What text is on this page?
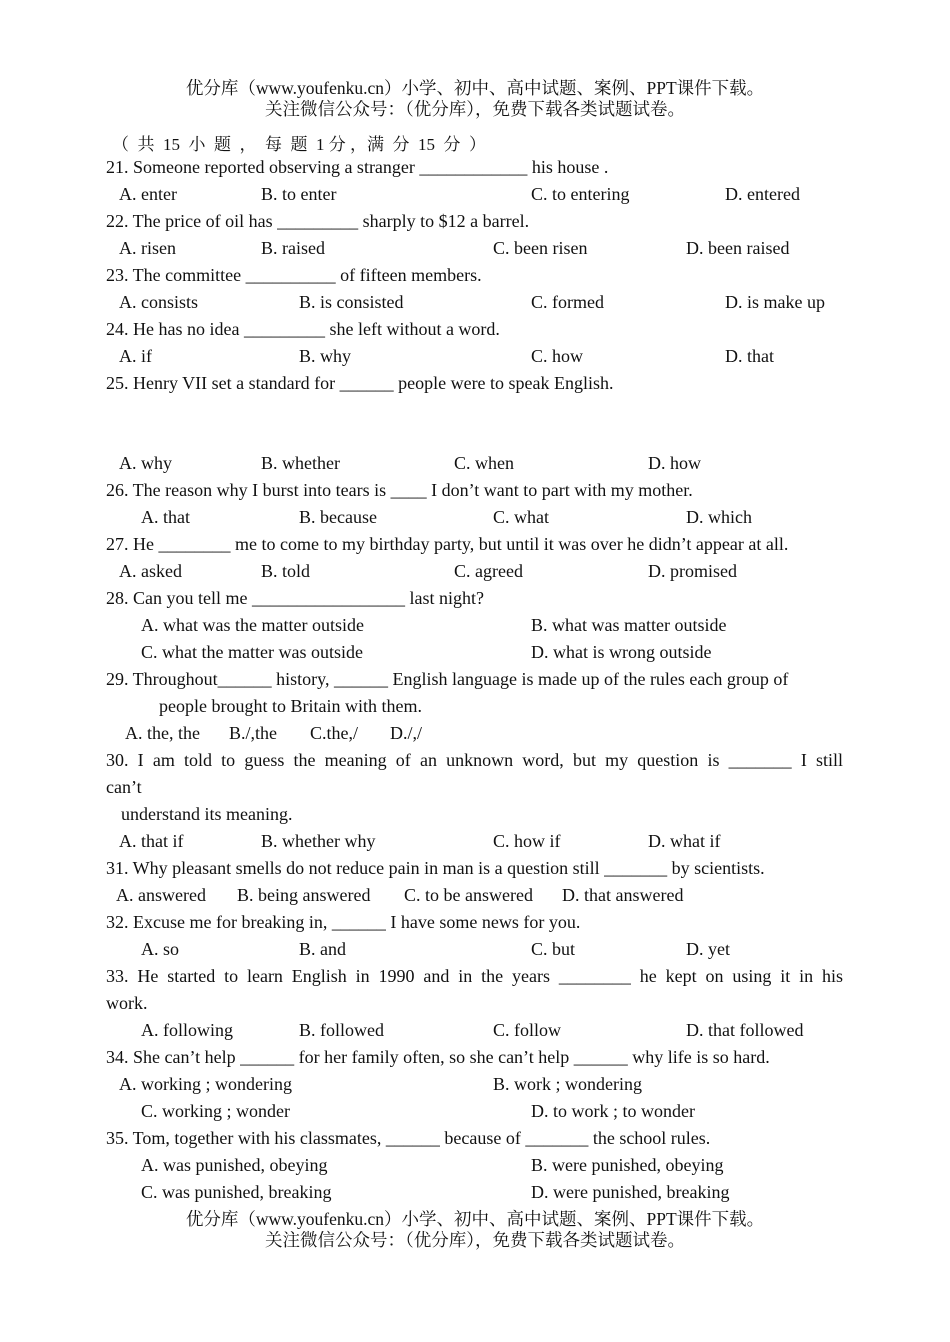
优分库（www.youfenku.cn）小学、初中、高中试题、案例、PPT课件下载。
关注微信公众号：（优分库），免费下载各类试题试卷。
（  共  15  小  题  ，  每  题  1 分 ，满  分  15  分  ）
21. Someone reported observing a stranger ____________ his house .
A. enter	B. to enter	C. to entering	D. entered
22. The price of oil has _________ sharply to $12 a barrel.
A. risen	B. raised	C. been risen	D. been raised
23. The committee __________ of fifteen members.
A. consists	B. is consisted	C. formed	D. is make up
24. He has no idea _________ she left without a word.
A. if	B. why	C. how	D. that
25. Henry VII set a standard for ______ people were to speak English.
A. why	B. whether	C. when	D. how
26. The reason why I burst into tears is ____ I don’t want to part with my mother.
A. that	B. because	C. what	D. which
27. He ________ me to come to my birthday party, but until it was over he didn’t appear at all.
A. asked	B. told	C. agreed	D. promised
28. Can you tell me _________________ last night?
A. what was the matter outside	B. what was matter outside
C. what the matter was outside	D. what is wrong outside
29. Throughout______ history, ______ English language is made up of the rules each group of
people brought to Britain with them.
A. the, the B./,the C.the,/ D./,/
30. I am told to guess the meaning of an unknown word, but my question is _______ I still
can’t
understand its meaning.
A. that if	B. whether why	C. how if	D. what if
31. Why pleasant smells do not reduce pain in man is a question still _______ by scientists.
A. answered B. being answered C. to be answered D. that answered
32. Excuse me for breaking in, ______ I have some news for you.
A. so	B. and	C. but	D. yet
33. He started to learn English in 1990 and in the years ________ he kept on using it in his
work.
A. following	B. followed	C. follow	D. that followed
34. She can’t help ______ for her family often, so she can’t help ______ why life is so hard.
A. working ; wondering	B. work ; wondering
C. working ; wonder	D. to work ; to wonder
35. Tom, together with his classmates, ______ because of _______ the school rules.
A. was punished, obeying	B. were punished, obeying
C. was punished, breaking	D. were punished, breaking
优分库（www.youfenku.cn）小学、初中、高中试题、案例、PPT课件下载。
关注微信公众号：（优分库），免费下载各类试题试卷。
